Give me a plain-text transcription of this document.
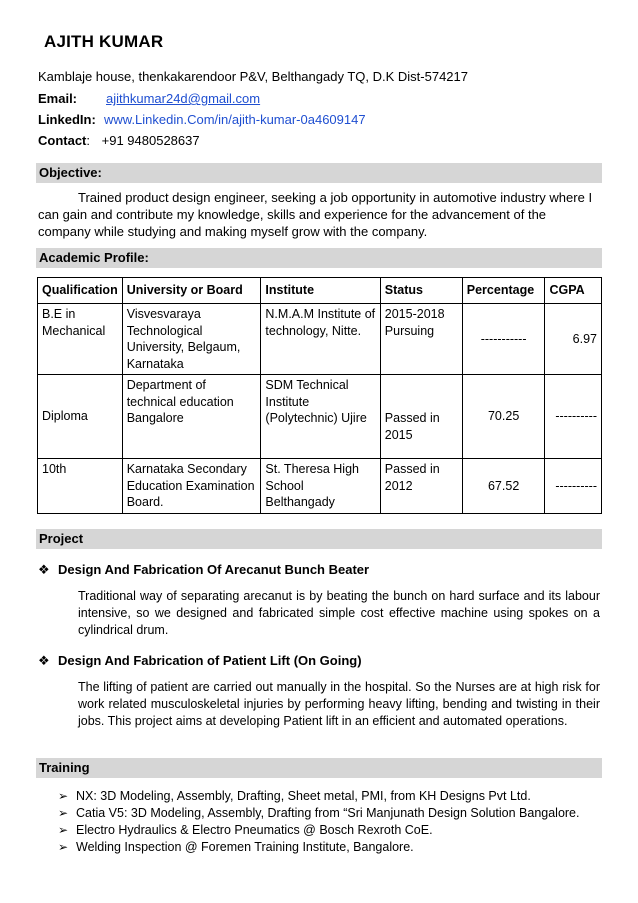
AJITH KUMAR
Kamblaje house, thenkakarendoor P&V, Belthangady TQ, D.K Dist-574217
Email: ajithkumar24d@gmail.com
LinkedIn: www.Linkedin.Com/in/ajith-kumar-0a4609147
Contact: +91 9480528637
Objective:
Trained product design engineer, seeking a job opportunity in automotive industry where I can gain and contribute my knowledge, skills and experience for the advancement of the company while studying and making myself grow with the company.
Academic Profile:
Qualification	University or Board	Institute	Status	Percentage	CGPA
B.E in Mechanical	Visvesvaraya Technological University, Belgaum, Karnataka	N.M.A.M Institute of technology, Nitte.	2015-2018 Pursuing	-----------	6.97
Diploma	Department of technical education Bangalore	SDM Technical Institute (Polytechnic) Ujire	Passed in 2015	70.25	----------
10th	Karnataka Secondary Education Examination Board.	St. Theresa High School Belthangady	Passed in 2012	67.52	----------
Project
❖ Design And Fabrication Of Arecanut Bunch Beater
Traditional way of separating arecanut is by beating the bunch on hard surface and its labour intensive, so we designed and fabricated simple cost effective machine using spokes on a cylindrical drum.
❖ Design And Fabrication of Patient Lift (On Going)
The lifting of patient are carried out manually in the hospital. So the Nurses are at high risk for work related musculoskeletal injuries by performing heavy lifting, bending and twisting in their jobs. This project aims at developing Patient lift in an efficient and automated operations.
Training
➢ NX: 3D Modeling, Assembly, Drafting, Sheet metal, PMI, from KH Designs Pvt Ltd.
➢ Catia V5: 3D Modeling, Assembly, Drafting from “Sri Manjunath Design Solution Bangalore.
➢ Electro Hydraulics & Electro Pneumatics @ Bosch Rexroth CoE.
➢ Welding Inspection @ Foremen Training Institute, Bangalore.
